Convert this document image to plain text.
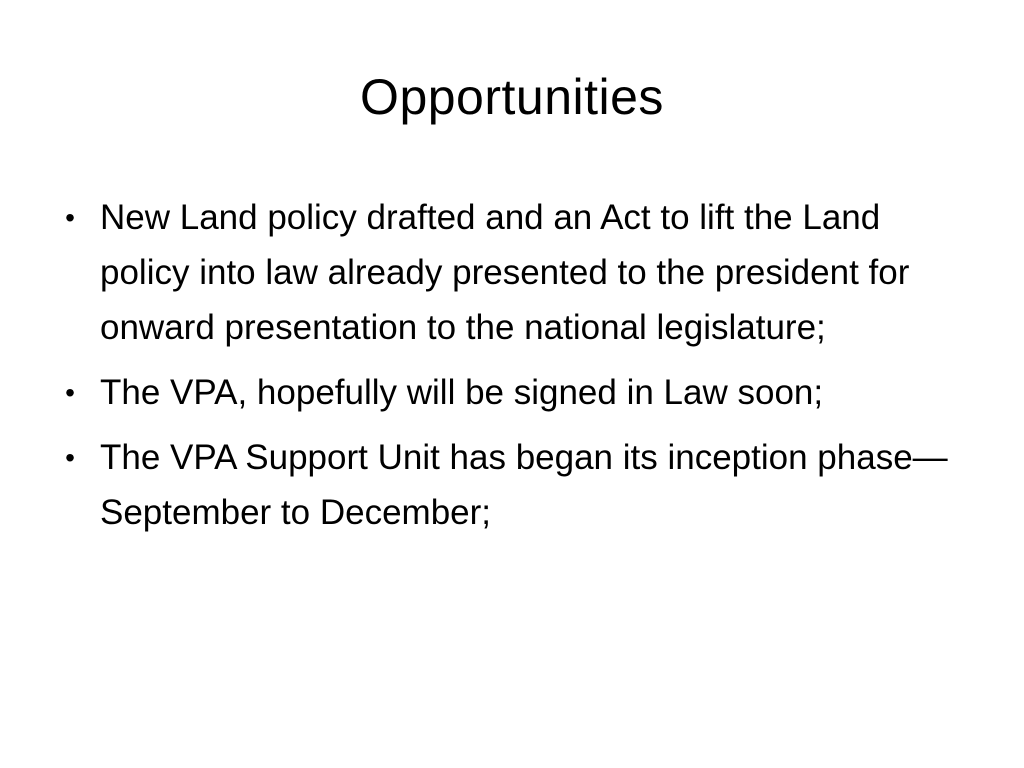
Opportunities
• New Land policy drafted and an Act to lift the Land policy into law already presented to the president for onward presentation to the national legislature;
• The VPA, hopefully will be signed in Law soon;
• The VPA Support Unit has began its inception phase—September to December;
